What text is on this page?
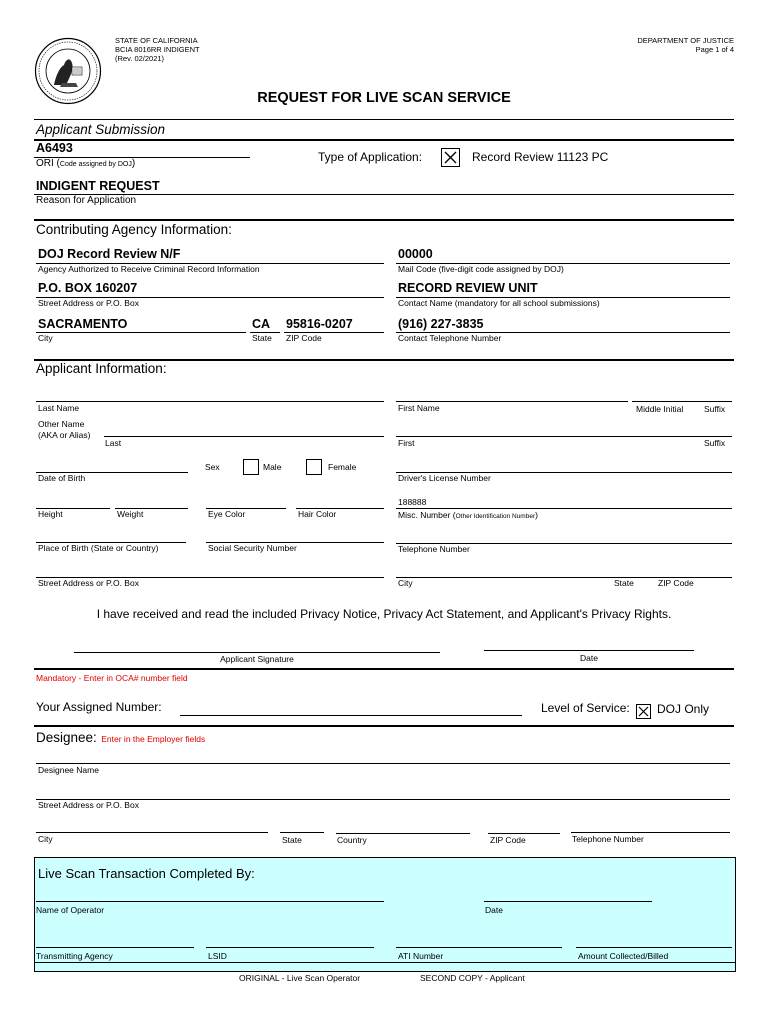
STATE OF CALIFORNIA
BCIA 8016RR INDIGENT
(Rev. 02/2021)
DEPARTMENT OF JUSTICE
Page 1 of 4
REQUEST FOR LIVE SCAN SERVICE
Applicant Submission
A6493
ORI (Code assigned by DOJ)	Type of Application:	Record Review 11123 PC
INDIGENT REQUEST
Reason for Application
Contributing Agency Information:
DOJ Record Review N/F
Agency Authorized to Receive Criminal Record Information
00000
Mail Code (five-digit code assigned by DOJ)
P.O. BOX 160207
Street Address or P.O. Box
RECORD REVIEW UNIT
Contact Name (mandatory for all school submissions)
SACRAMENTO
City
CA
State
95816-0207
ZIP Code
(916) 227-3835
Contact Telephone Number
Applicant Information:
Last Name	First Name	Middle Initial Suffix
Other Name
(AKA or Alias)
Last	First	Suffix
Date of Birth
Sex	Male	Female
Driver's License Number
Height	Weight	Eye Color	Hair Color
188888
Misc. Number (Other Identification Number)
Place of Birth (State or Country)	Social Security Number	Telephone Number
Street Address or P.O. Box	City	State	ZIP Code
I have received and read the included Privacy Notice, Privacy Act Statement, and Applicant's Privacy Rights.
Applicant Signature	Date
Mandatory - Enter in OCA# number field
Your Assigned Number:	Level of Service: DOJ Only
Designee: Enter in the Employer fields
Designee Name
Street Address or P.O. Box
City	State	Country	ZIP Code	Telephone Number
Live Scan Transaction Completed By:
Name of Operator	Date
Transmitting Agency	LSID	ATI Number	Amount Collected/Billed
ORIGINAL - Live Scan Operator	SECOND COPY - Applicant
